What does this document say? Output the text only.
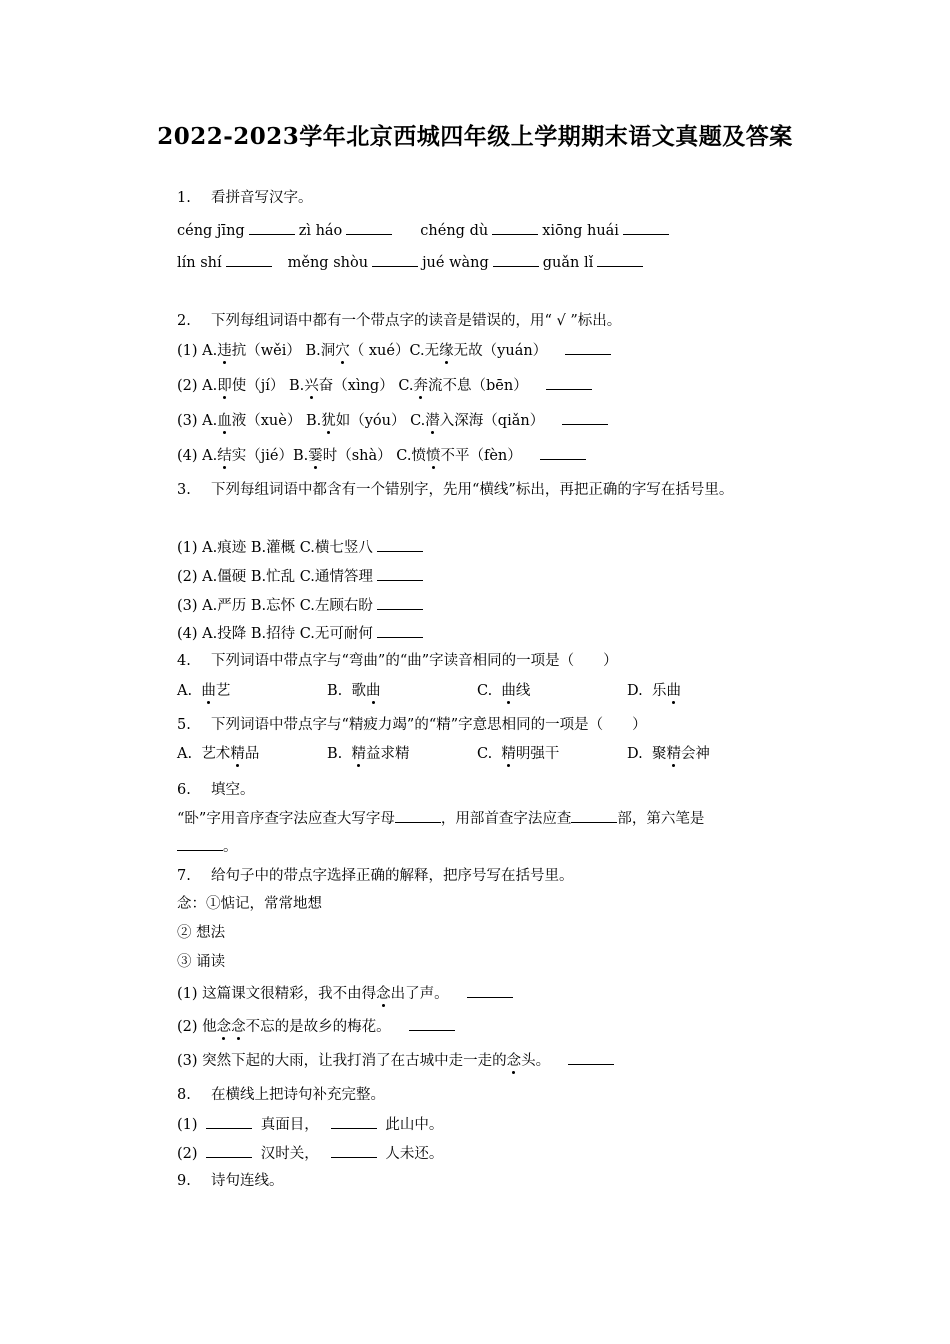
2022-2023学年北京西城四年级上学期期末语文真题及答案
1. 看拼音写汉字。
céng jīng	zì háo	chéng dù	xiōng huái
lín shí	měng shòu	jué wàng	guǎn lǐ
2. 下列每组词语中都有一个带点字的读音是错误的，用“ √ ”标出。
(1) A.违抗（wěi） B.洞穴（ xué）C.无缘无故（yuán）
(2) A.即使（jí） B.兴奋（xìng） C.奔流不息（bēn）
(3) A.血液（xuè） B.犹如（yóu） C.潜入深海（qiǎn）
(4) A.结实（jié）B.霎时（shà） C.愤愤不平（fèn）
3. 下列每组词语中都含有一个错别字，先用“横线”标出，再把正确的字写在括号里。
(1) A.痕迹 B.灌概 C.横七竖八
(2) A.僵硬 B.忙乱 C.通情答理
(3) A.严历 B.忘怀 C.左顾右盼
(4) A.投降 B.招待 C.无可耐何
4. 下列词语中带点字与“弯曲”的“曲”字读音相同的一项是（　　）
A. 曲艺	B. 歌曲	C. 曲线	D. 乐曲
5. 下列词语中带点字与“精疲力竭”的“精”字意思相同的一项是（　　）
A. 艺术精品	B. 精益求精	C. 精明强干	D. 聚精会神
6. 填空。
“卧”字用音序查字法应查大写字母	，用部首查字法应查	部，第六笔是
。
7. 给句子中的带点字选择正确的解释，把序号写在括号里。
念：①惦记，常常地想
② 想法
③ 诵读
(1) 这篇课文很精彩，我不由得念出了声。
(2) 他念念不忘的是故乡的梅花。
(3) 突然下起的大雨，让我打消了在古城中走一走的念头。
8. 在横线上把诗句补充完整。
(1)	真面目，	此山中。
(2)	汉时关，	人未还。
9. 诗句连线。
